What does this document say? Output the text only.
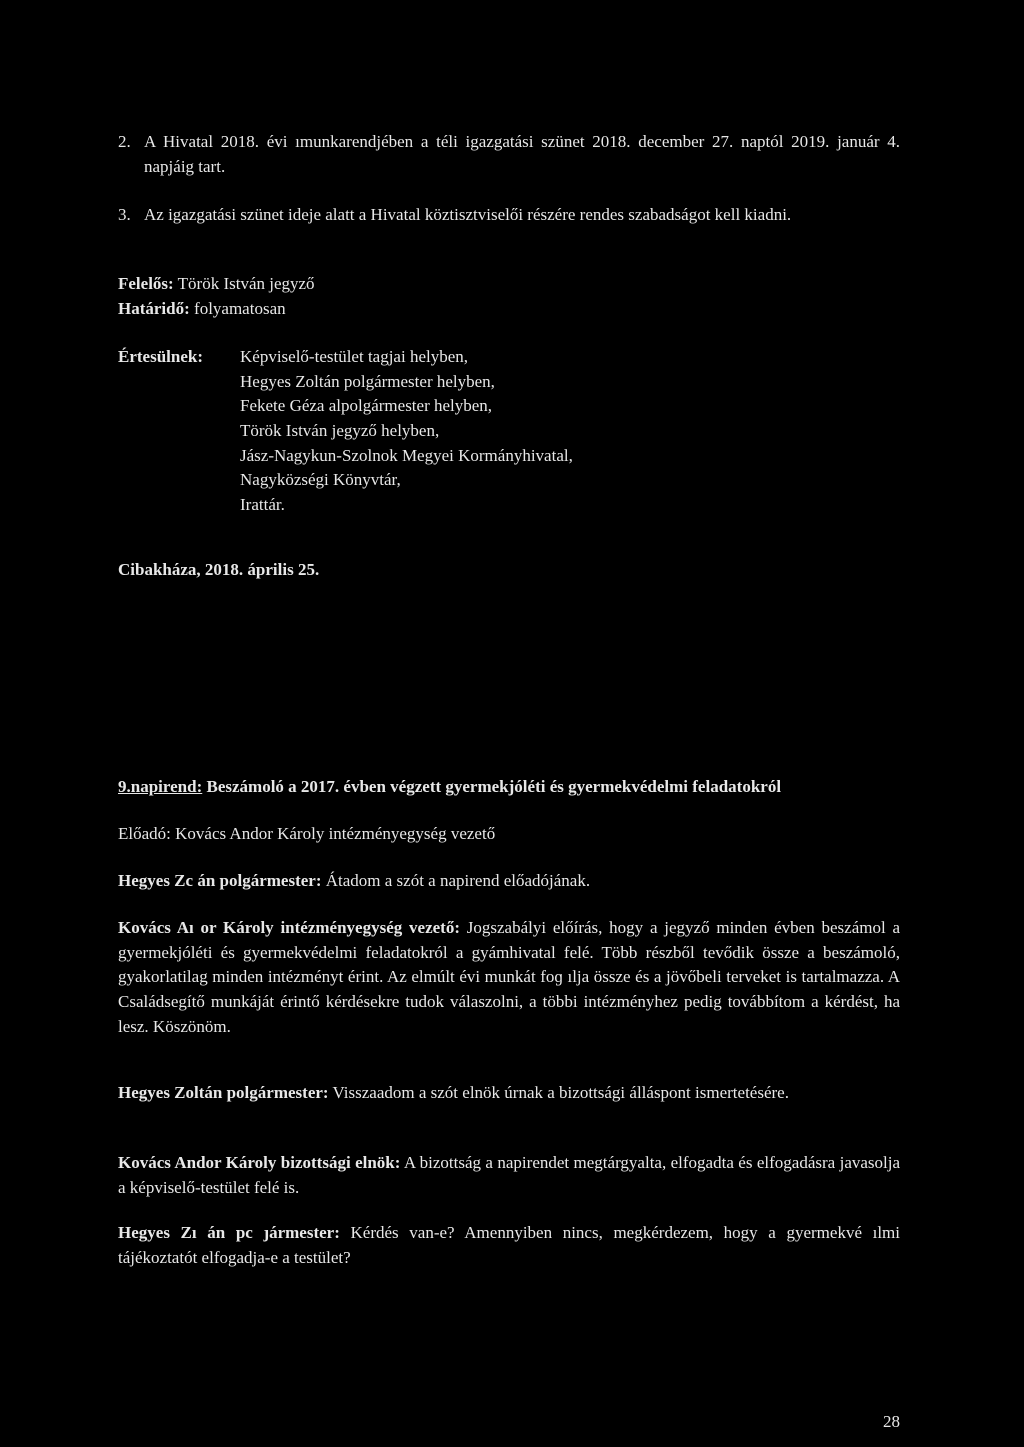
2. A Hivatal 2018. évi ımunkarendjében a téli igazgatási szünet 2018. december 27. naptól 2019. január 4. napjáig tart.
3. Az igazgatási szünet ideje alatt a Hivatal köztisztviselői részére rendes szabadságot kell kiadni.
Felelős: Török István jegyző
Határidő: folyamatosan
Értesülnek:	Képviselő-testület tagjai helyben,
Hegyes Zoltán polgármester helyben,
Fekete Géza alpolgármester helyben,
Török István jegyző helyben,
Jász-Nagykun-Szolnok Megyei Kormányhivatal,
Nagyközségi Könyvtár,
Irattár.
Cibakháza, 2018. április 25.
9.napirend: Beszámoló a 2017. évben végzett gyermekjóléti és gyermekvédelmi feladatokról
Előadó: Kovács Andor Károly intézményegység vezető
Hegyes Zc án polgármester: Átadom a szót a napirend előadójának.
Kovács Aı or Károly intézményegység vezető: Jogszabályi előírás, hogy a jegyző minden évben beszámol a gyermekjóléti és gyermekvédelmi feladatokról a gyámhivatal felé. Több részből tevődik össze a beszámoló, gyakorlatilag minden intézményt érint. Az elmúlt évi munkát foɡ ılja össze és a jövőbeli terveket is tartalmazza. A Családsegítő munkáját érintő kérdésekre tudok válaszolni, a többi intézményhez pedig továbbítom a kérdést, ha lesz. Köszönöm.
Hegyes Zoltán polgármester: Visszaadom a szót elnök úrnak a bizottsági álláspont ismertetésére.
Kovács Andor Károly bizottsági elnök: A bizottság a napirendet megtárgyalta, elfogadta és elfogadásra javasolja a képviselő-testület felé is.
Hegyes Zı án pc ȷármester: Kérdés van-e? Amennyiben nincs, megkérdezem, hogy a gyermekvé ılmi tájékoztatót elfogadja-e a testület?
28
